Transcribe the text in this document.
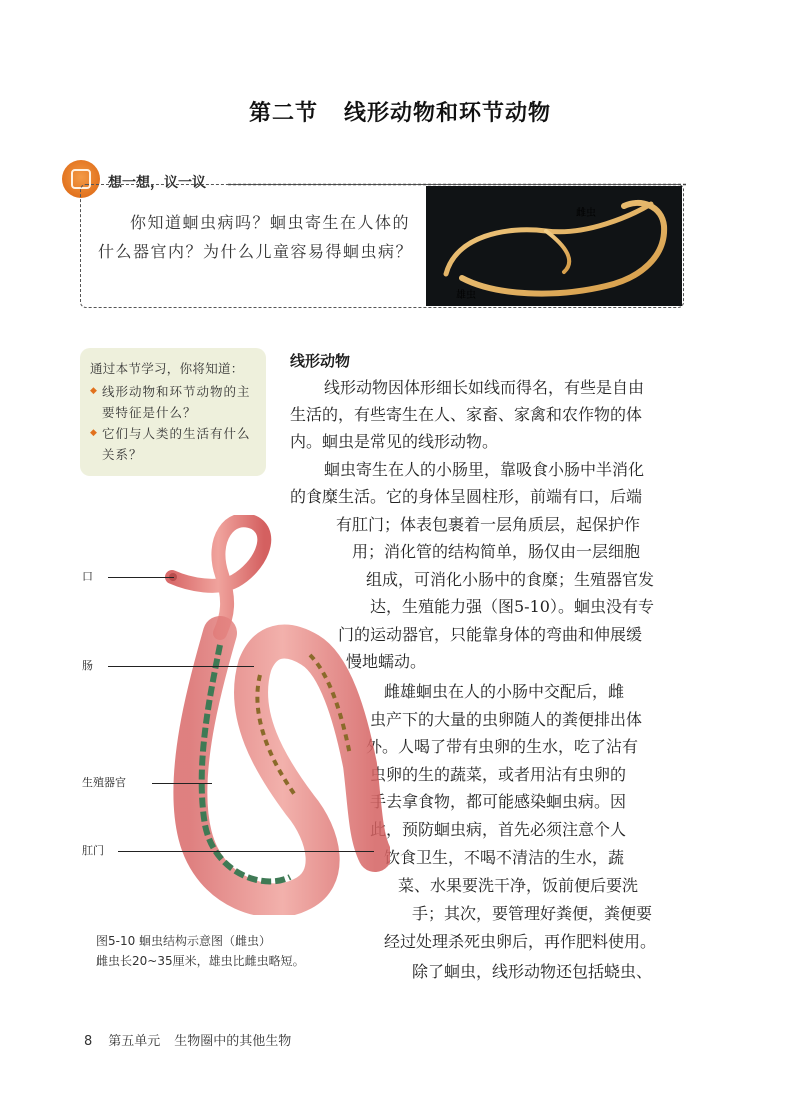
第二节 线形动物和环节动物
想一想，议一议
你知道蛔虫病吗？蛔虫寄生在人体的什么器官内？为什么儿童容易得蛔虫病？
雌虫
雄虫
通过本节学习，你将知道：
◆ 线形动物和环节动物的主要特征是什么？
◆ 它们与人类的生活有什么关系？
线形动物
线形动物因体形细长如线而得名，有些是自由
生活的，有些寄生在人、家畜、家禽和农作物的体
内。蛔虫是常见的线形动物。
蛔虫寄生在人的小肠里，靠吸食小肠中半消化
的食糜生活。它的身体呈圆柱形，前端有口，后端
有肛门；体表包裹着一层角质层，起保护作
用；消化管的结构简单，肠仅由一层细胞
组成，可消化小肠中的食糜；生殖器官发
达，生殖能力强（图5-10）。蛔虫没有专
门的运动器官，只能靠身体的弯曲和伸展缓
慢地蠕动。
雌雄蛔虫在人的小肠中交配后，雌
虫产下的大量的虫卵随人的粪便排出体
外。人喝了带有虫卵的生水，吃了沾有
虫卵的生的蔬菜，或者用沾有虫卵的
手去拿食物，都可能感染蛔虫病。因
此，预防蛔虫病，首先必须注意个人
饮食卫生，不喝不清洁的生水，蔬
菜、水果要洗干净，饭前便后要洗
手；其次，要管理好粪便，粪便要
经过处理杀死虫卵后，再作肥料使用。
除了蛔虫，线形动物还包括蛲虫、
口
肠
生殖器官
肛门
图5-10 蛔虫结构示意图（雌虫）
雌虫长20~35厘米，雄虫比雌虫略短。
8 第五单元 生物圈中的其他生物
